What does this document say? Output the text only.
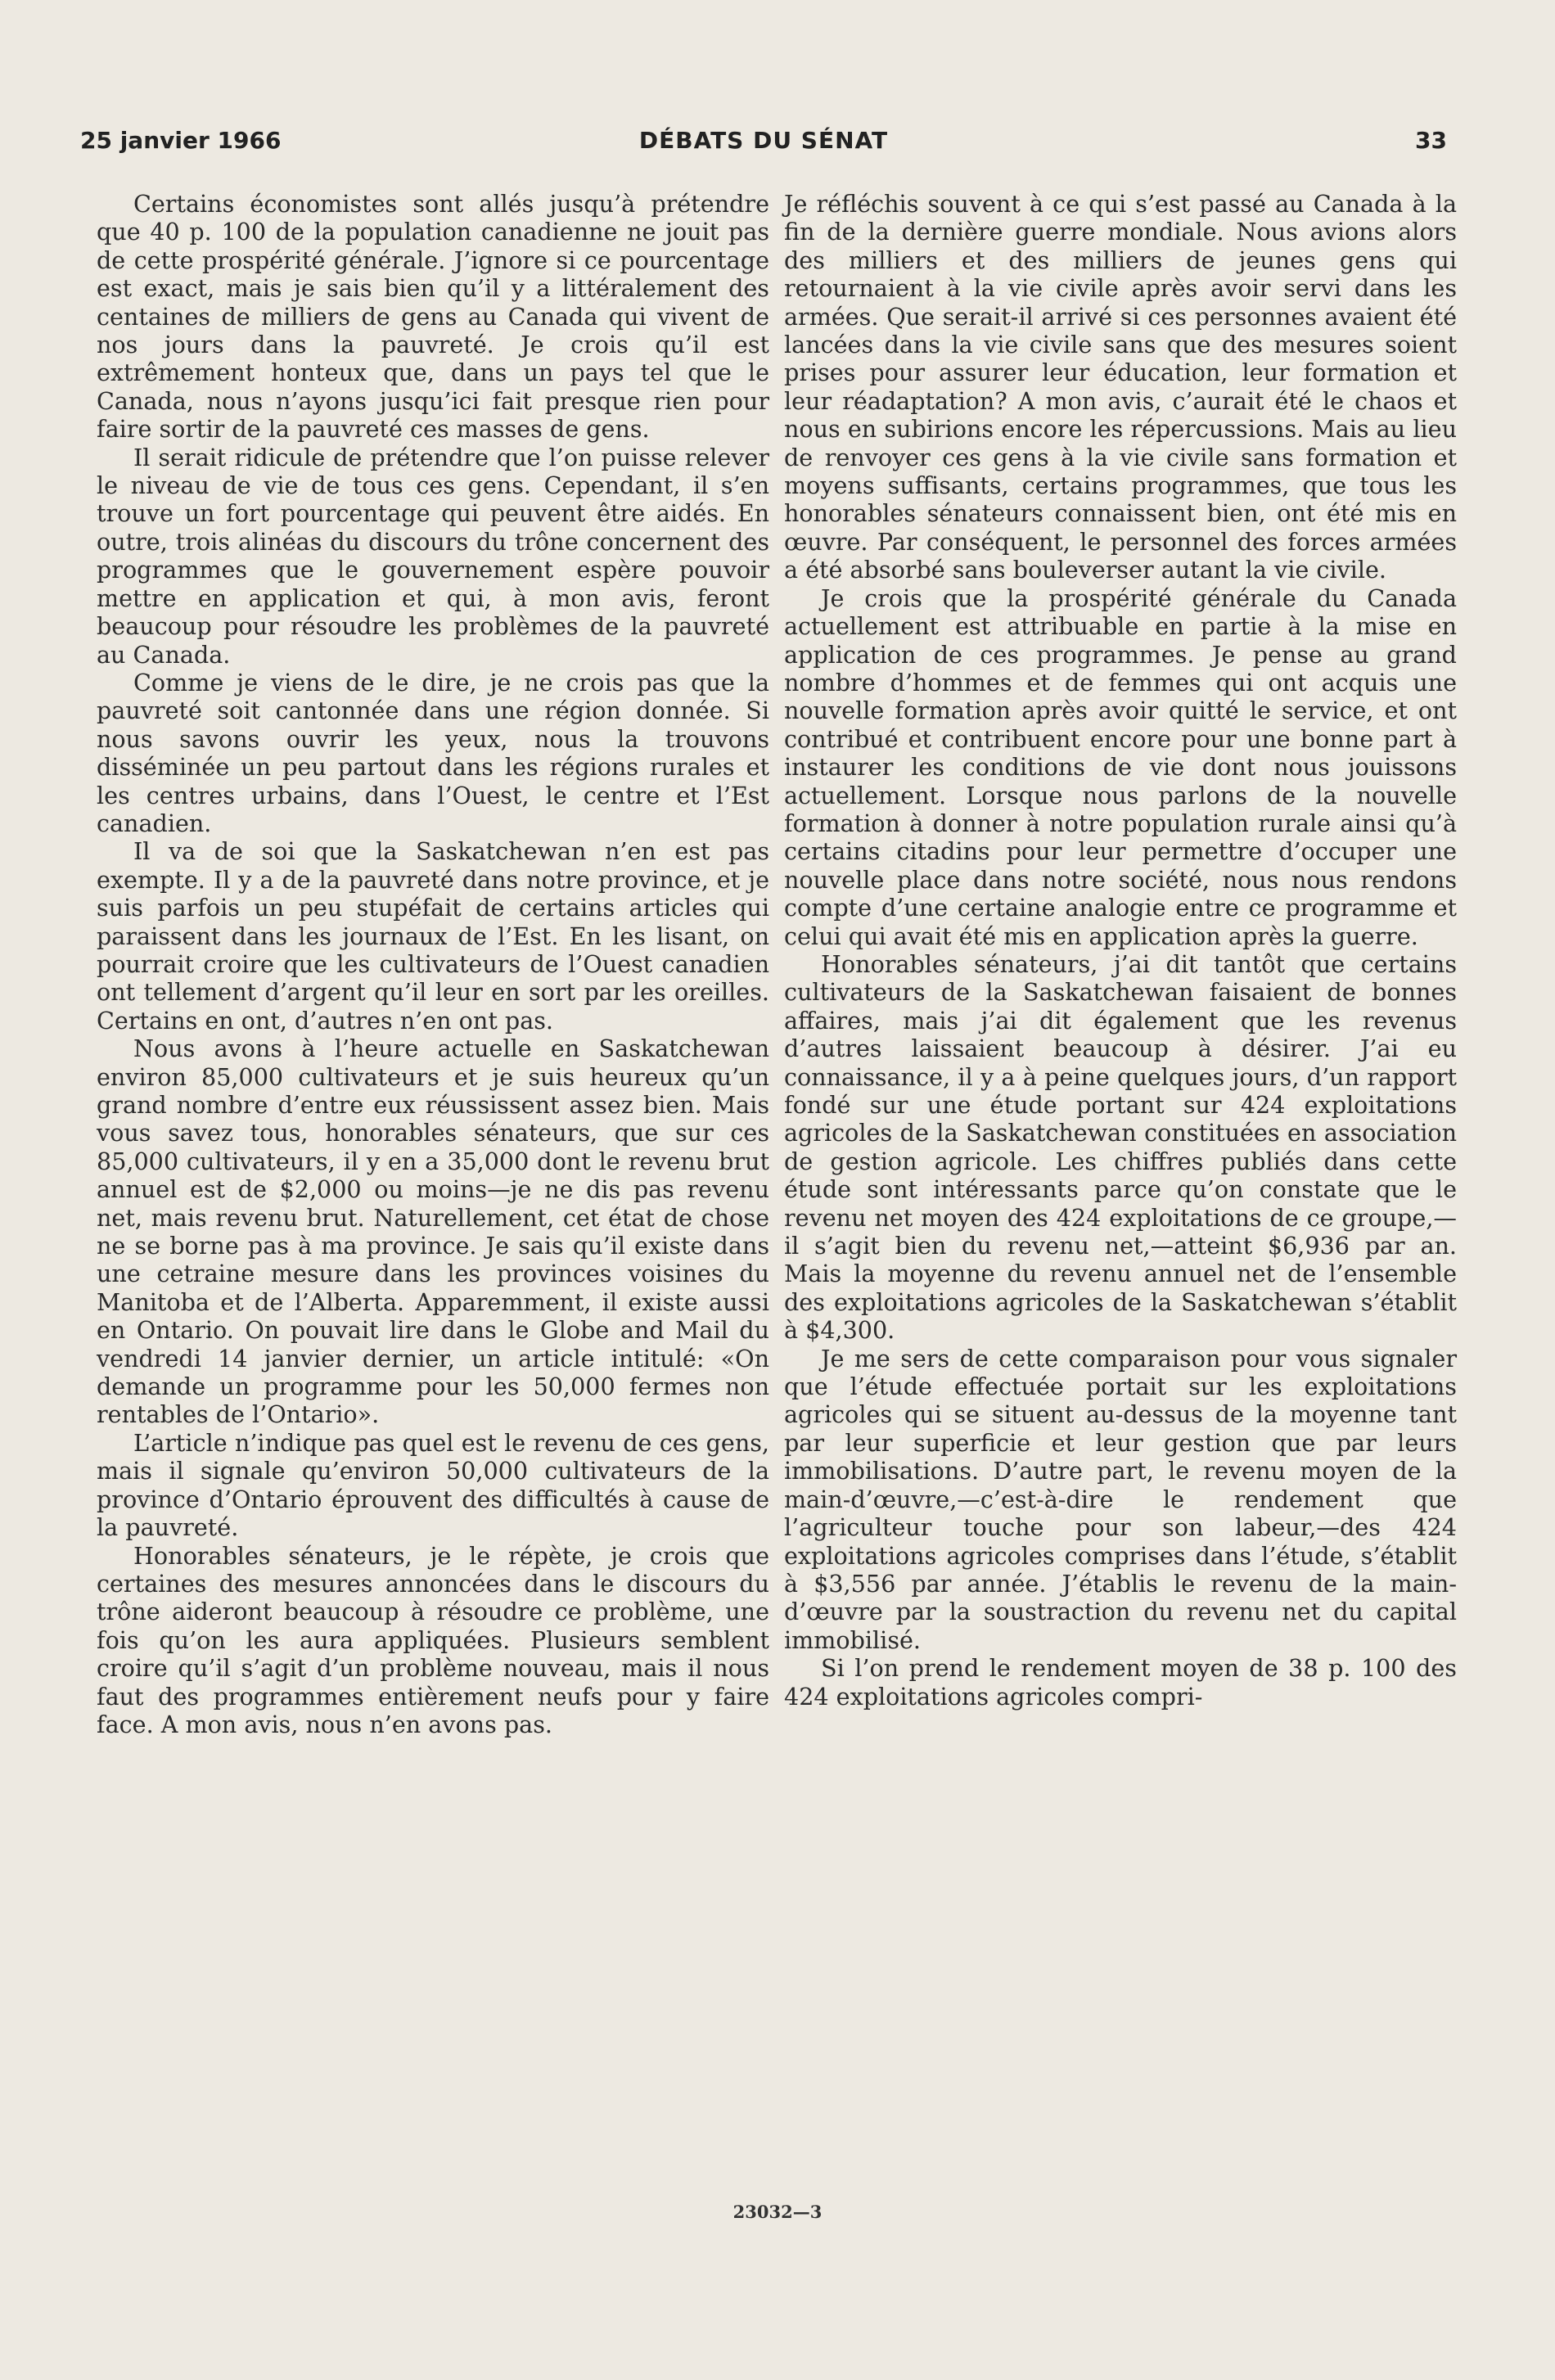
25 janvier 1966	DÉBATS DU SÉNAT	33

Certains économistes sont allés jusqu’à prétendre que 40 p. 100 de la population canadienne ne jouit pas de cette prospérité générale. J’ignore si ce pourcentage est exact, mais je sais bien qu’il y a littéralement des centaines de milliers de gens au Canada qui vivent de nos jours dans la pauvreté. Je crois qu’il est extrêmement honteux que, dans un pays tel que le Canada, nous n’ayons jusqu’ici fait presque rien pour faire sortir de la pauvreté ces masses de gens.

Il serait ridicule de prétendre que l’on puisse relever le niveau de vie de tous ces gens. Cependant, il s’en trouve un fort pourcentage qui peuvent être aidés. En outre, trois alinéas du discours du trône concernent des programmes que le gouvernement espère pouvoir mettre en application et qui, à mon avis, feront beaucoup pour résoudre les problèmes de la pauvreté au Canada.

Comme je viens de le dire, je ne crois pas que la pauvreté soit cantonnée dans une région donnée. Si nous savons ouvrir les yeux, nous la trouvons disséminée un peu partout dans les régions rurales et les centres urbains, dans l’Ouest, le centre et l’Est canadien.

Il va de soi que la Saskatchewan n’en est pas exempte. Il y a de la pauvreté dans notre province, et je suis parfois un peu stupéfait de certains articles qui paraissent dans les journaux de l’Est. En les lisant, on pourrait croire que les cultivateurs de l’Ouest canadien ont tellement d’argent qu’il leur en sort par les oreilles. Certains en ont, d’autres n’en ont pas.

Nous avons à l’heure actuelle en Saskatchewan environ 85,000 cultivateurs et je suis heureux qu’un grand nombre d’entre eux réussissent assez bien. Mais vous savez tous, honorables sénateurs, que sur ces 85,000 cultivateurs, il y en a 35,000 dont le revenu brut annuel est de $2,000 ou moins—je ne dis pas revenu net, mais revenu brut. Naturellement, cet état de chose ne se borne pas à ma province. Je sais qu’il existe dans une cetraine mesure dans les provinces voisines du Manitoba et de l’Alberta. Apparemment, il existe aussi en Ontario. On pouvait lire dans le Globe and Mail du vendredi 14 janvier dernier, un article intitulé: «On demande un programme pour les 50,000 fermes non rentables de l’Ontario».

L’article n’indique pas quel est le revenu de ces gens, mais il signale qu’environ 50,000 cultivateurs de la province d’Ontario éprouvent des difficultés à cause de la pauvreté.

Honorables sénateurs, je le répète, je crois que certaines des mesures annoncées dans le discours du trône aideront beaucoup à résoudre ce problème, une fois qu’on les aura appliquées. Plusieurs semblent croire qu’il s’agit d’un problème nouveau, mais il nous faut des programmes entièrement neufs pour y faire face. A mon avis, nous n’en avons pas.

Je réfléchis souvent à ce qui s’est passé au Canada à la fin de la dernière guerre mondiale. Nous avions alors des milliers et des milliers de jeunes gens qui retournaient à la vie civile après avoir servi dans les armées. Que serait-il arrivé si ces personnes avaient été lancées dans la vie civile sans que des mesures soient prises pour assurer leur éducation, leur formation et leur réadaptation? A mon avis, c’aurait été le chaos et nous en subirions encore les répercussions. Mais au lieu de renvoyer ces gens à la vie civile sans formation et moyens suffisants, certains programmes, que tous les honorables sénateurs connaissent bien, ont été mis en œuvre. Par conséquent, le personnel des forces armées a été absorbé sans bouleverser autant la vie civile.

Je crois que la prospérité générale du Canada actuellement est attribuable en partie à la mise en application de ces programmes. Je pense au grand nombre d’hommes et de femmes qui ont acquis une nouvelle formation après avoir quitté le service, et ont contribué et contribuent encore pour une bonne part à instaurer les conditions de vie dont nous jouissons actuellement. Lorsque nous parlons de la nouvelle formation à donner à notre population rurale ainsi qu’à certains citadins pour leur permettre d’occuper une nouvelle place dans notre société, nous nous rendons compte d’une certaine analogie entre ce programme et celui qui avait été mis en application après la guerre.

Honorables sénateurs, j’ai dit tantôt que certains cultivateurs de la Saskatchewan faisaient de bonnes affaires, mais j’ai dit également que les revenus d’autres laissaient beaucoup à désirer. J’ai eu connaissance, il y a à peine quelques jours, d’un rapport fondé sur une étude portant sur 424 exploitations agricoles de la Saskatchewan constituées en association de gestion agricole. Les chiffres publiés dans cette étude sont intéressants parce qu’on constate que le revenu net moyen des 424 exploitations de ce groupe,—il s’agit bien du revenu net,—atteint $6,936 par an. Mais la moyenne du revenu annuel net de l’ensemble des exploitations agricoles de la Saskatchewan s’établit à $4,300.

Je me sers de cette comparaison pour vous signaler que l’étude effectuée portait sur les exploitations agricoles qui se situent au-dessus de la moyenne tant par leur superficie et leur gestion que par leurs immobilisations. D’autre part, le revenu moyen de la main-d’œuvre,—c’est-à-dire le rendement que l’agriculteur touche pour son labeur,—des 424 exploitations agricoles comprises dans l’étude, s’établit à $3,556 par année. J’établis le revenu de la main-d’œuvre par la soustraction du revenu net du capital immobilisé.

Si l’on prend le rendement moyen de 38 p. 100 des 424 exploitations agricoles compri-

23032—3
